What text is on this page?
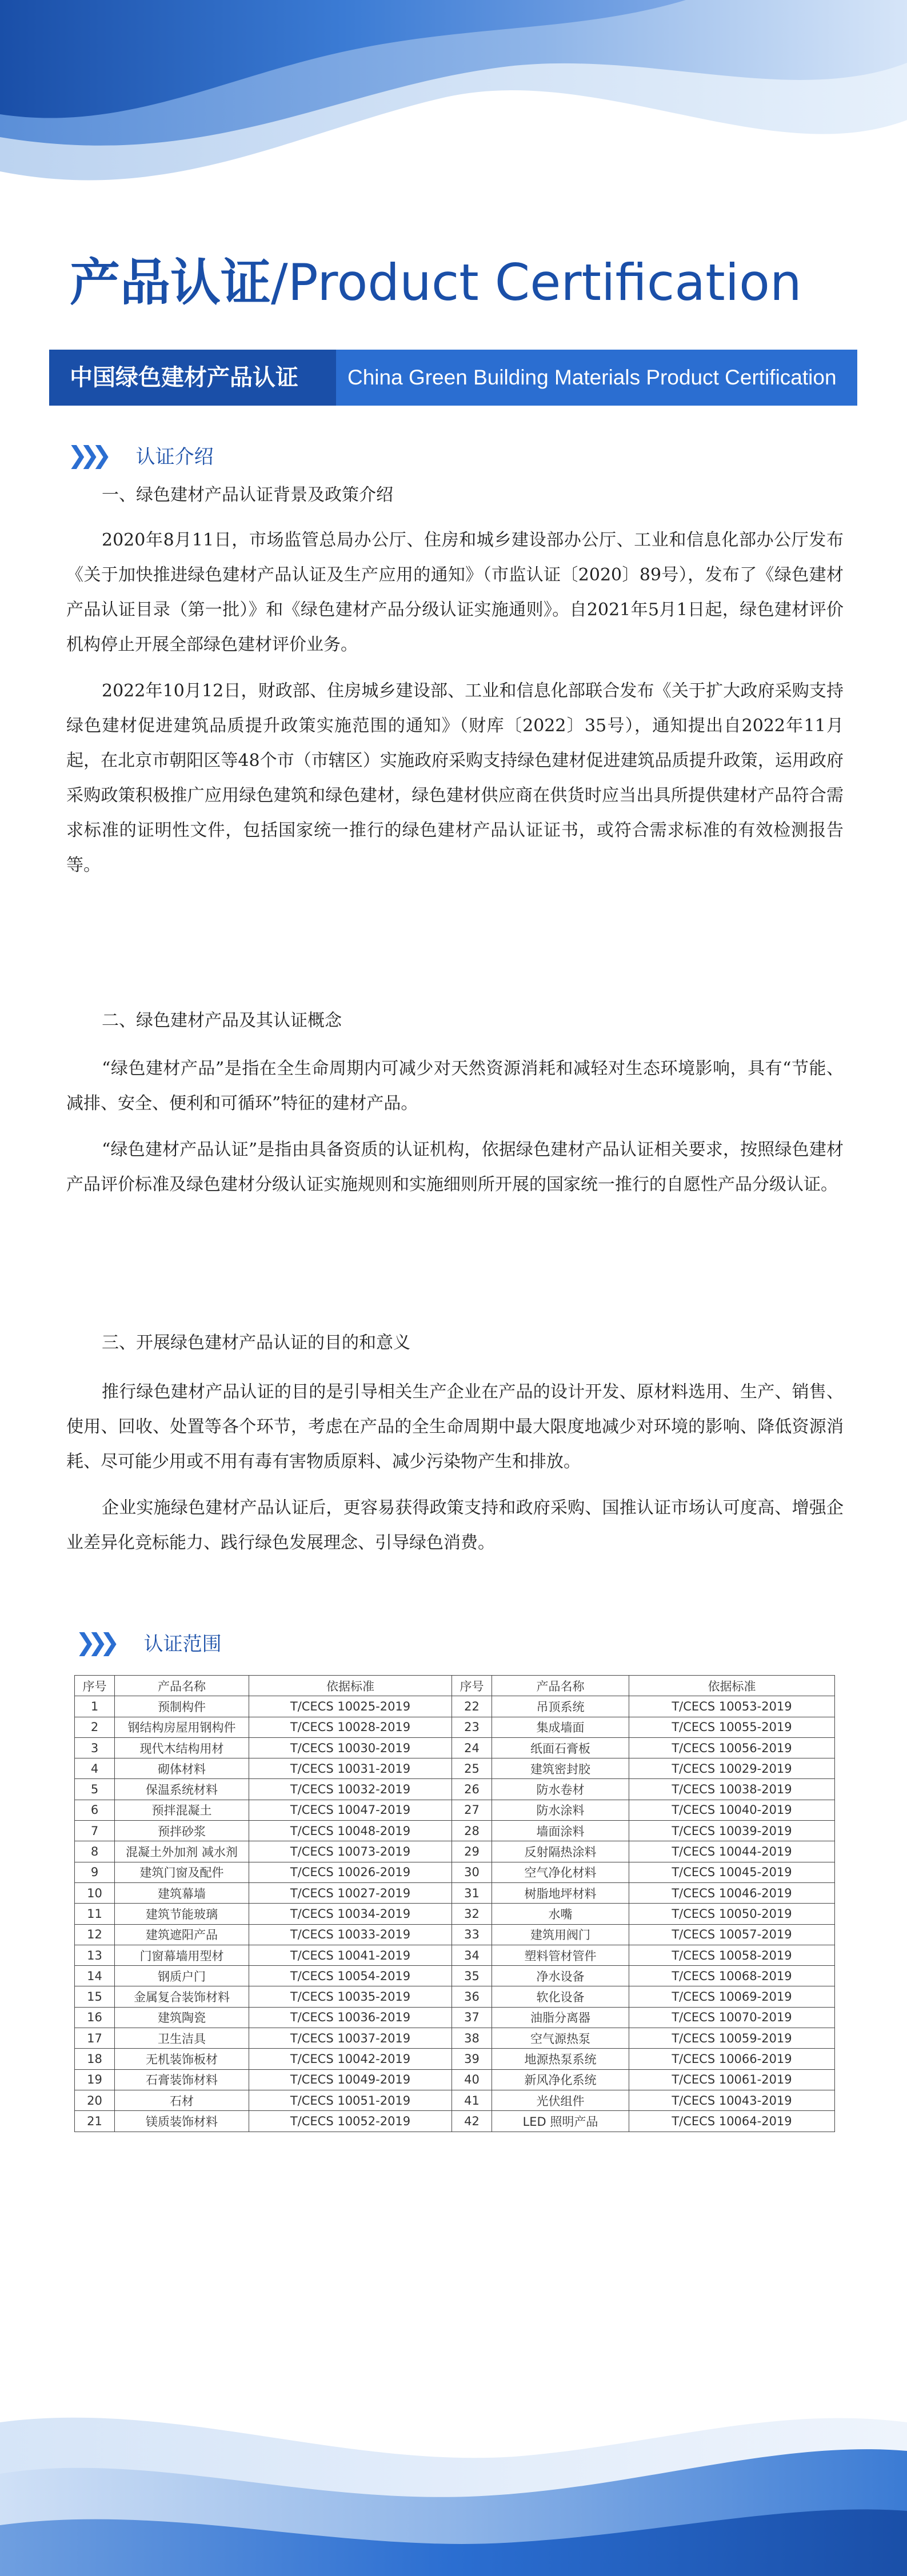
产品认证/Product Certification
中国绿色建材产品认证	China Green Building Materials Product Certification
❯❯❯ 认证介绍
一、绿色建材产品认证背景及政策介绍

2020年8月11日，市场监管总局办公厅、住房和城乡建设部办公厅、工业和信息化部办公厅发布《关于加快推进绿色建材产品认证及生产应用的通知》（市监认证〔2020〕89号），发布了《绿色建材产品认证目录（第一批）》和《绿色建材产品分级认证实施通则》。自2021年5月1日起，绿色建材评价机构停止开展全部绿色建材评价业务。

2022年10月12日，财政部、住房城乡建设部、工业和信息化部联合发布《关于扩大政府采购支持绿色建材促进建筑品质提升政策实施范围的通知》（财库〔2022〕35号），通知提出自2022年11月起，在北京市朝阳区等48个市（市辖区）实施政府采购支持绿色建材促进建筑品质提升政策，运用政府采购政策积极推广应用绿色建筑和绿色建材，绿色建材供应商在供货时应当出具所提供建材产品符合需求标准的证明性文件，包括国家统一推行的绿色建材产品认证证书，或符合需求标准的有效检测报告等。

二、绿色建材产品及其认证概念

“绿色建材产品”是指在全生命周期内可减少对天然资源消耗和减轻对生态环境影响，具有“节能、减排、安全、便利和可循环”特征的建材产品。

“绿色建材产品认证”是指由具备资质的认证机构，依据绿色建材产品认证相关要求，按照绿色建材产品评价标准及绿色建材分级认证实施规则和实施细则所开展的国家统一推行的自愿性产品分级认证。

三、开展绿色建材产品认证的目的和意义

推行绿色建材产品认证的目的是引导相关生产企业在产品的设计开发、原材料选用、生产、销售、使用、回收、处置等各个环节，考虑在产品的全生命周期中最大限度地减少对环境的影响、降低资源消耗、尽可能少用或不用有毒有害物质原料、减少污染物产生和排放。

企业实施绿色建材产品认证后，更容易获得政策支持和政府采购、国推认证市场认可度高、增强企业差异化竞标能力、践行绿色发展理念、引导绿色消费。

❯❯❯ 认证范围
序号	产品名称	依据标准	序号	产品名称	依据标准
1	预制构件	T/CECS 10025-2019	22	吊顶系统	T/CECS 10053-2019
2	钢结构房屋用钢构件	T/CECS 10028-2019	23	集成墙面	T/CECS 10055-2019
3	现代木结构用材	T/CECS 10030-2019	24	纸面石膏板	T/CECS 10056-2019
4	砌体材料	T/CECS 10031-2019	25	建筑密封胶	T/CECS 10029-2019
5	保温系统材料	T/CECS 10032-2019	26	防水卷材	T/CECS 10038-2019
6	预拌混凝土	T/CECS 10047-2019	27	防水涂料	T/CECS 10040-2019
7	预拌砂浆	T/CECS 10048-2019	28	墙面涂料	T/CECS 10039-2019
8	混凝土外加剂 减水剂	T/CECS 10073-2019	29	反射隔热涂料	T/CECS 10044-2019
9	建筑门窗及配件	T/CECS 10026-2019	30	空气净化材料	T/CECS 10045-2019
10	建筑幕墙	T/CECS 10027-2019	31	树脂地坪材料	T/CECS 10046-2019
11	建筑节能玻璃	T/CECS 10034-2019	32	水嘴	T/CECS 10050-2019
12	建筑遮阳产品	T/CECS 10033-2019	33	建筑用阀门	T/CECS 10057-2019
13	门窗幕墙用型材	T/CECS 10041-2019	34	塑料管材管件	T/CECS 10058-2019
14	钢质户门	T/CECS 10054-2019	35	净水设备	T/CECS 10068-2019
15	金属复合装饰材料	T/CECS 10035-2019	36	软化设备	T/CECS 10069-2019
16	建筑陶瓷	T/CECS 10036-2019	37	油脂分离器	T/CECS 10070-2019
17	卫生洁具	T/CECS 10037-2019	38	空气源热泵	T/CECS 10059-2019
18	无机装饰板材	T/CECS 10042-2019	39	地源热泵系统	T/CECS 10066-2019
19	石膏装饰材料	T/CECS 10049-2019	40	新风净化系统	T/CECS 10061-2019
20	石材	T/CECS 10051-2019	41	光伏组件	T/CECS 10043-2019
21	镁质装饰材料	T/CECS 10052-2019	42	LED 照明产品	T/CECS 10064-2019
